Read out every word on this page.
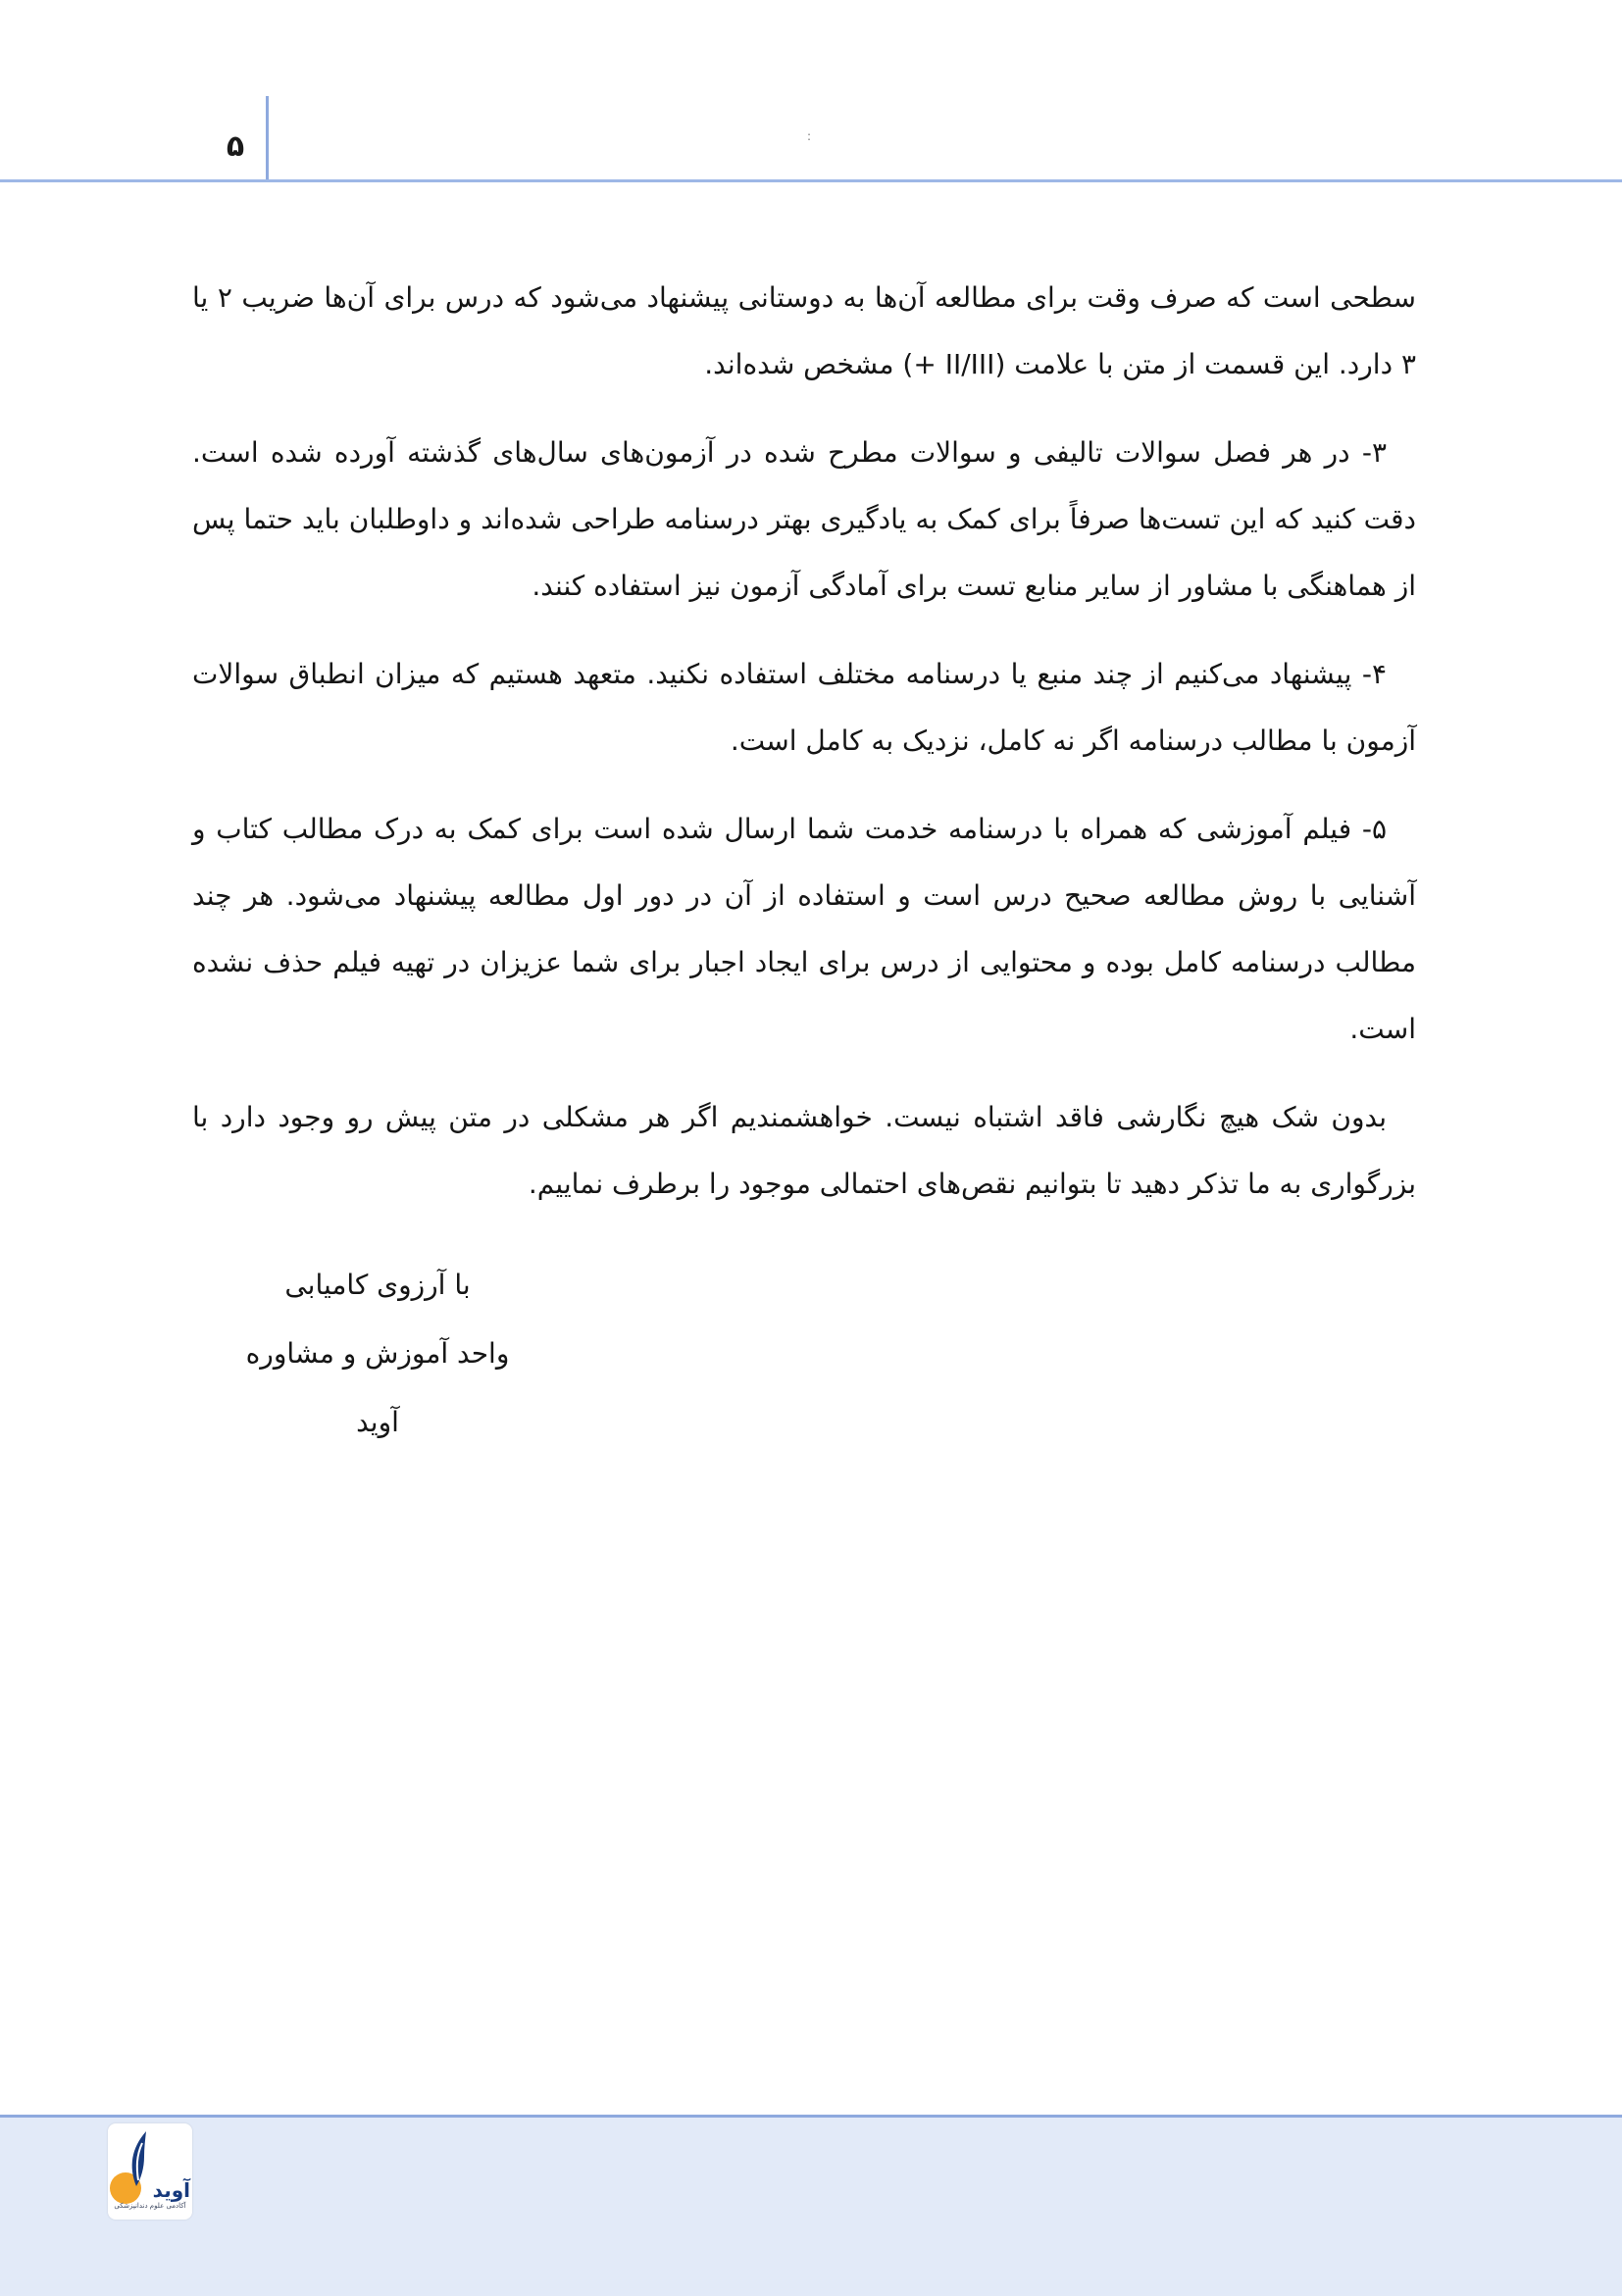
۵	:

سطحی است که صرف وقت برای مطالعه آن‌ها به دوستانی پیشنهاد می‌شود که درس برای آن‌ها ضریب ۲ یا ۳ دارد. این قسمت از متن با علامت (II/III +) مشخص شده‌اند.

۳- در هر فصل سوالات تالیفی و سوالات مطرح شده در آزمون‌های سال‌های گذشته آورده شده است. دقت کنید که این تست‌ها صرفاً برای کمک به یادگیری بهتر درسنامه طراحی شده‌اند و داوطلبان باید حتما پس از هماهنگی با مشاور از سایر منابع تست برای آمادگی آزمون نیز استفاده کنند.

۴- پیشنهاد می‌کنیم از چند منبع یا درسنامه مختلف استفاده نکنید. متعهد هستیم که میزان انطباق سوالات آزمون با مطالب درسنامه اگر نه کامل، نزدیک به کامل است.

۵- فیلم آموزشی که همراه با درسنامه خدمت شما ارسال شده است برای کمک به درک مطالب کتاب و آشنایی با روش مطالعه صحیح درس است و استفاده از آن در دور اول مطالعه پیشنهاد می‌شود. هر چند مطالب درسنامه کامل بوده و محتوایی از درس برای ایجاد اجبار برای شما عزیزان در تهیه فیلم حذف نشده است.

بدون شک هیچ نگارشی فاقد اشتباه نیست. خواهشمندیم اگر هر مشکلی در متن پیش رو وجود دارد با بزرگواری به ما تذکر دهید تا بتوانیم نقص‌های احتمالی موجود را برطرف نماییم.

با آرزوی کامیابی
واحد آموزش و مشاوره آوید
آوید
آکادمی علوم دندانپزشکی
